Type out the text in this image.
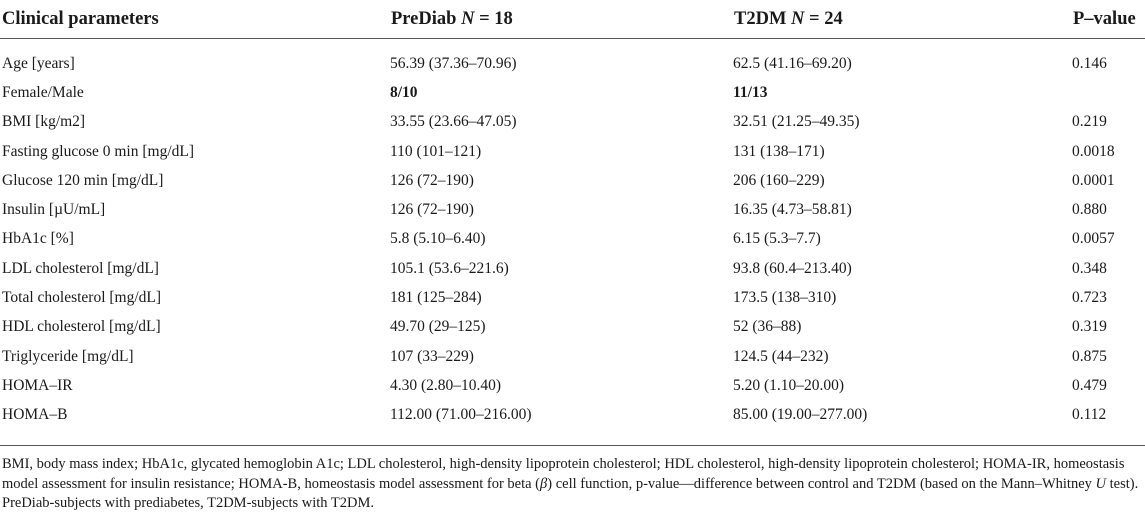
Clinical parameters	PreDiab N = 18	T2DM N = 24	P–value
Age [years]	56.39 (37.36–70.96)	62.5 (41.16–69.20)	0.146
Female/Male	8/10	11/13	
BMI [kg/m2]	33.55 (23.66–47.05)	32.51 (21.25–49.35)	0.219
Fasting glucose 0 min [mg/dL]	110 (101–121)	131 (138–171)	0.0018
Glucose 120 min [mg/dL]	126 (72–190)	206 (160–229)	0.0001
Insulin [µU/mL]	126 (72–190)	16.35 (4.73–58.81)	0.880
HbA1c [%]	5.8 (5.10–6.40)	6.15 (5.3–7.7)	0.0057
LDL cholesterol [mg/dL]	105.1 (53.6–221.6)	93.8 (60.4–213.40)	0.348
Total cholesterol [mg/dL]	181 (125–284)	173.5 (138–310)	0.723
HDL cholesterol [mg/dL]	49.70 (29–125)	52 (36–88)	0.319
Triglyceride [mg/dL]	107 (33–229)	124.5 (44–232)	0.875
HOMA–IR	4.30 (2.80–10.40)	5.20 (1.10–20.00)	0.479
HOMA–B	112.00 (71.00–216.00)	85.00 (19.00–277.00)	0.112

BMI, body mass index; HbA1c, glycated hemoglobin A1c; LDL cholesterol, high-density lipoprotein cholesterol; HDL cholesterol, high-density lipoprotein cholesterol; HOMA-IR, homeostasis model assessment for insulin resistance; HOMA-B, homeostasis model assessment for beta (β) cell function, p-value—difference between control and T2DM (based on the Mann–Whitney U test). PreDiab-subjects with prediabetes, T2DM-subjects with T2DM.
